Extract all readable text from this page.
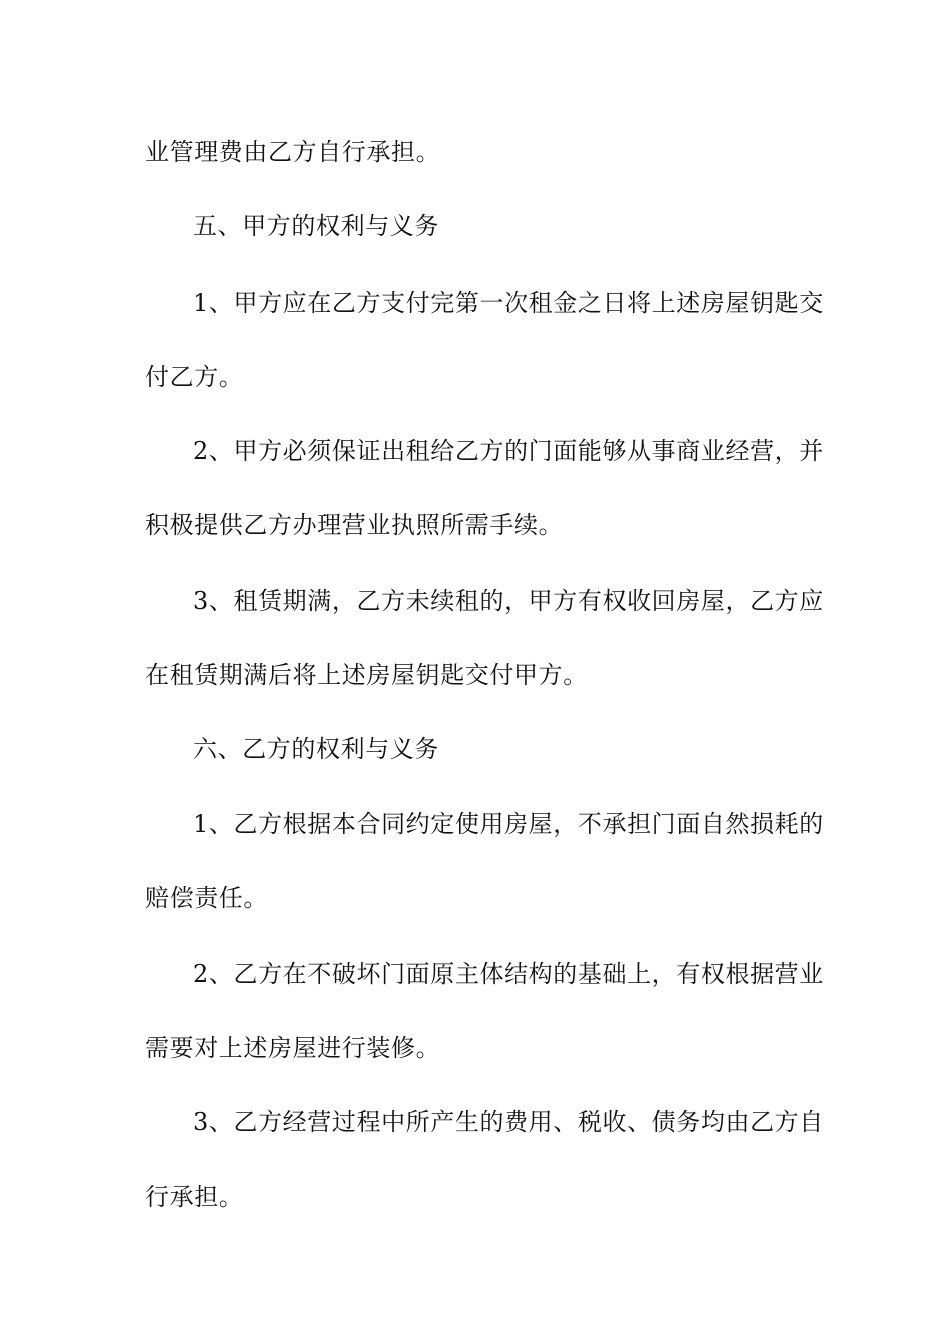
业管理费由乙方自行承担。
五、甲方的权利与义务
1、甲方应在乙方支付完第一次租金之日将上述房屋钥匙交
付乙方。
2、甲方必须保证出租给乙方的门面能够从事商业经营，并
积极提供乙方办理营业执照所需手续。
3、租赁期满，乙方未续租的，甲方有权收回房屋，乙方应
在租赁期满后将上述房屋钥匙交付甲方。
六、乙方的权利与义务
1、乙方根据本合同约定使用房屋，不承担门面自然损耗的
赔偿责任。
2、乙方在不破坏门面原主体结构的基础上，有权根据营业
需要对上述房屋进行装修。
3、乙方经营过程中所产生的费用、税收、债务均由乙方自
行承担。
